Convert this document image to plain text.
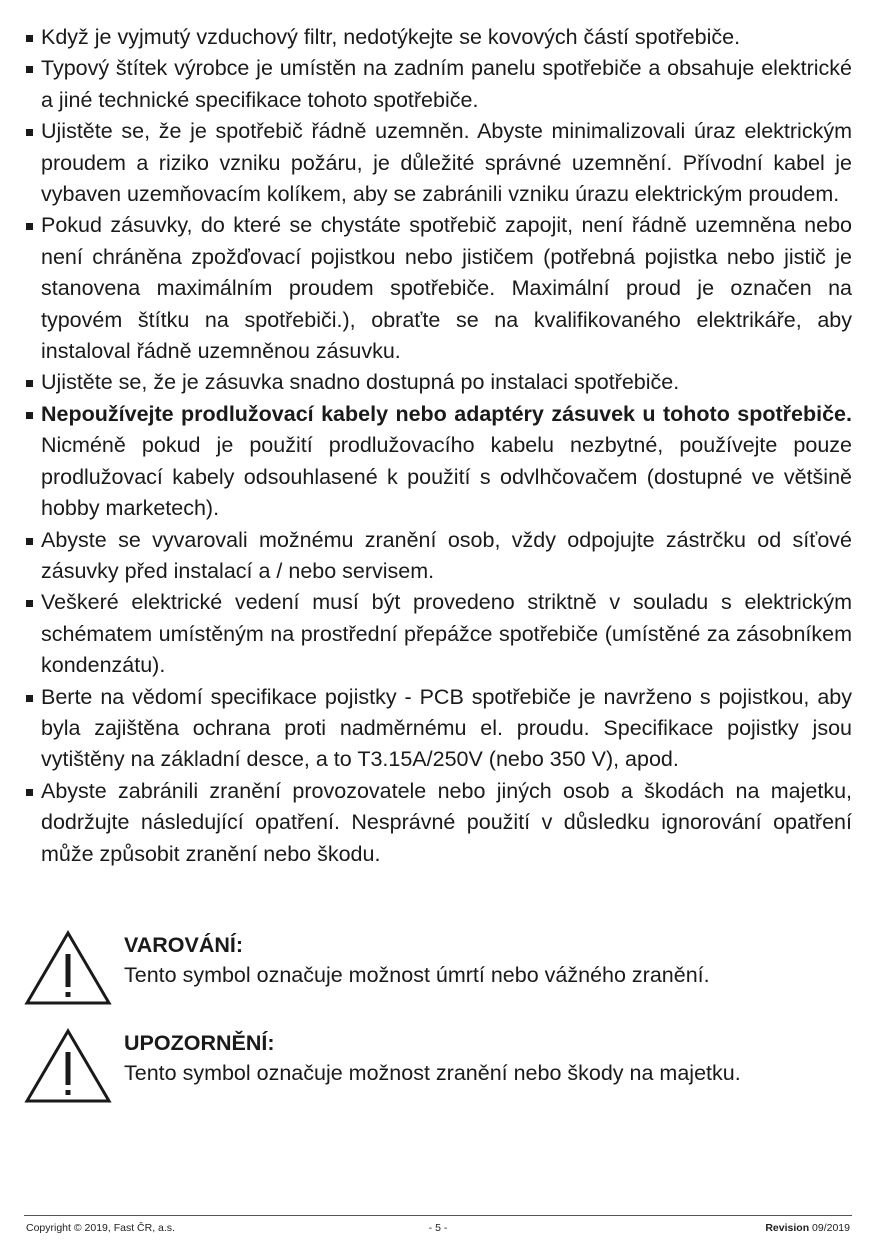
Když je vyjmutý vzduchový filtr, nedotýkejte se kovových částí spotřebiče.
Typový štítek výrobce je umístěn na zadním panelu spotřebiče a obsahuje elektrické a jiné technické specifikace tohoto spotřebiče.
Ujistěte se, že je spotřebič řádně uzemněn. Abyste minimalizovali úraz elektrickým proudem a riziko vzniku požáru, je důležité správné uzemnění. Přívodní kabel je vybaven uzemňovacím kolíkem, aby se zabránili vzniku úrazu elektrickým proudem.
Pokud zásuvky, do které se chystáte spotřebič zapojit, není řádně uzemněna nebo není chráněna zpožďovací pojistkou nebo jističem (potřebná pojistka nebo jistič je stanovena maximálním proudem spotřebiče. Maximální proud je označen na typovém štítku na spotřebiči.), obraťte se na kvalifikovaného elektrikáře, aby instaloval řádně uzemněnou zásuvku.
Ujistěte se, že je zásuvka snadno dostupná po instalaci spotřebiče.
Nepoužívejte prodlužovací kabely nebo adaptéry zásuvek u tohoto spotřebiče. Nicméně pokud je použití prodlužovacího kabelu nezbytné, používejte pouze prodlužovací kabely odsouhlasené k použití s odvlhčovačem (dostupné ve většině hobby marketech).
Abyste se vyvarovali možnému zranění osob, vždy odpojujte zástrčku od síťové zásuvky před instalací a / nebo servisem.
Veškeré elektrické vedení musí být provedeno striktně v souladu s elektrickým schématem umístěným na prostřední přepážce spotřebiče (umístěné za zásobníkem kondenzátu).
Berte na vědomí specifikace pojistky - PCB spotřebiče je navrženo s pojistkou, aby byla zajištěna ochrana proti nadměrnému el. proudu. Specifikace pojistky jsou vytištěny na základní desce, a to T3.15A/250V (nebo 350 V), apod.
Abyste zabránili zranění provozovatele nebo jiných osob a škodách na majetku, dodržujte následující opatření. Nesprávné použití v důsledku ignorování opatření může způsobit zranění nebo škodu.
VAROVÁNÍ:
Tento symbol označuje možnost úmrtí nebo vážného zranění.
UPOZORNĚNÍ:
Tento symbol označuje možnost zranění nebo škody na majetku.
Copyright © 2019, Fast ČR, a.s.	- 5 -	Revision 09/2019
